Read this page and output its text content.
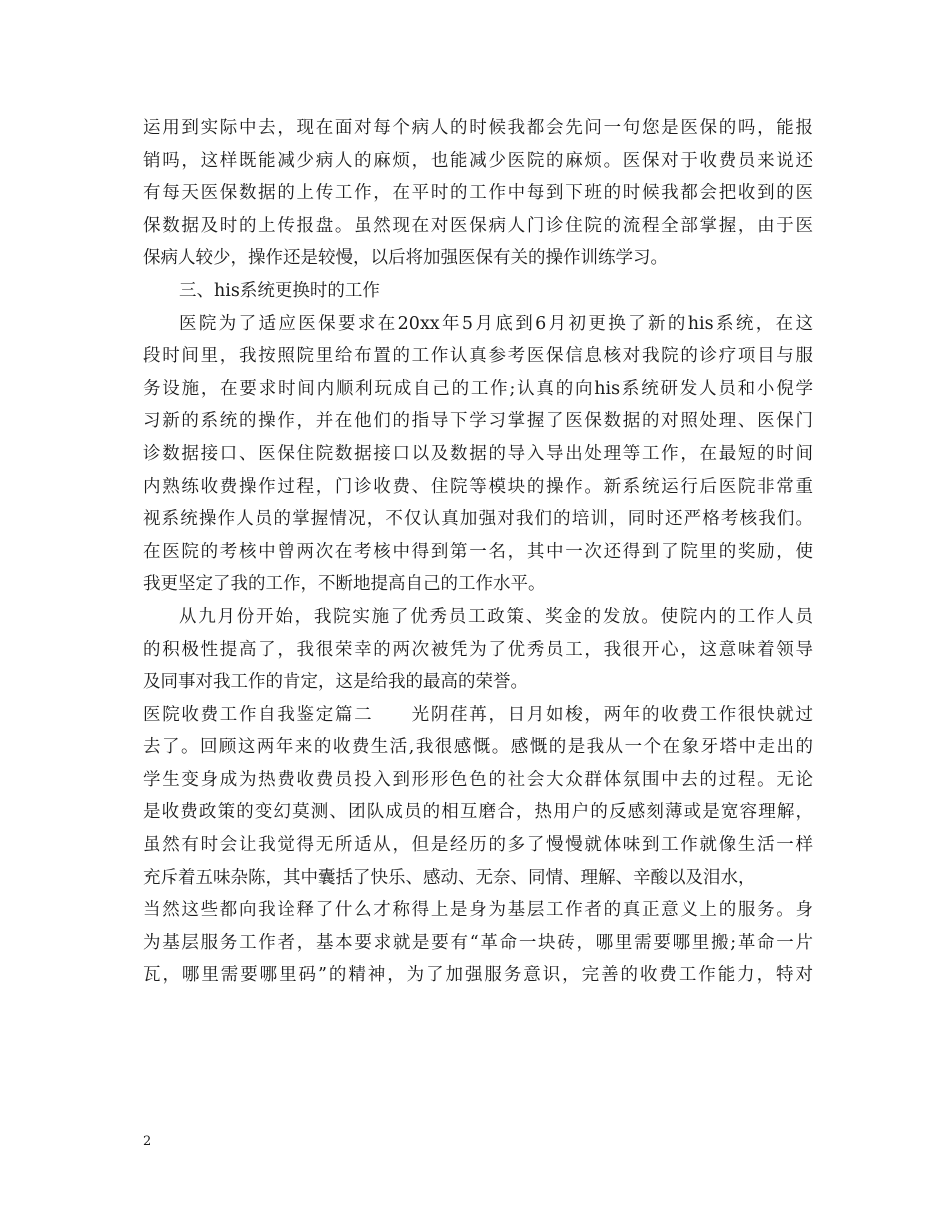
运用到实际中去，现在面对每个病人的时候我都会先问一句您是医保的吗，能报
销吗，这样既能减少病人的麻烦，也能减少医院的麻烦。医保对于收费员来说还
有每天医保数据的上传工作，在平时的工作中每到下班的时候我都会把收到的医
保数据及时的上传报盘。虽然现在对医保病人门诊住院的流程全部掌握，由于医
保病人较少，操作还是较慢，以后将加强医保有关的操作训练学习。
三、his系统更换时的工作
医院为了适应医保要求在20xx年5月底到6月初更换了新的his系统，在这
段时间里，我按照院里给布置的工作认真参考医保信息核对我院的诊疗项目与服
务设施，在要求时间内顺利玩成自己的工作;认真的向his系统研发人员和小倪学
习新的系统的操作，并在他们的指导下学习掌握了医保数据的对照处理、医保门
诊数据接口、医保住院数据接口以及数据的导入导出处理等工作，在最短的时间
内熟练收费操作过程，门诊收费、住院等模块的操作。新系统运行后医院非常重
视系统操作人员的掌握情况，不仅认真加强对我们的培训，同时还严格考核我们。
在医院的考核中曾两次在考核中得到第一名，其中一次还得到了院里的奖励，使
我更坚定了我的工作，不断地提高自己的工作水平。
从九月份开始，我院实施了优秀员工政策、奖金的发放。使院内的工作人员
的积极性提高了，我很荣幸的两次被凭为了优秀员工，我很开心，这意味着领导
及同事对我工作的肯定，这是给我的最高的荣誉。
医院收费工作自我鉴定篇二　　光阴荏苒，日月如梭，两年的收费工作很快就过
去了。回顾这两年来的收费生活,我很感慨。感慨的是我从一个在象牙塔中走出的
学生变身成为热费收费员投入到形形色色的社会大众群体氛围中去的过程。无论
是收费政策的变幻莫测、团队成员的相互磨合，热用户的反感刻薄或是宽容理解，
虽然有时会让我觉得无所适从，但是经历的多了慢慢就体味到工作就像生活一样
充斥着五味杂陈，其中囊括了快乐、感动、无奈、同情、理解、辛酸以及泪水，
当然这些都向我诠释了什么才称得上是身为基层工作者的真正意义上的服务。身
为基层服务工作者，基本要求就是要有“革命一块砖，哪里需要哪里搬;革命一片
瓦，哪里需要哪里码”的精神，为了加强服务意识，完善的收费工作能力，特对
2
